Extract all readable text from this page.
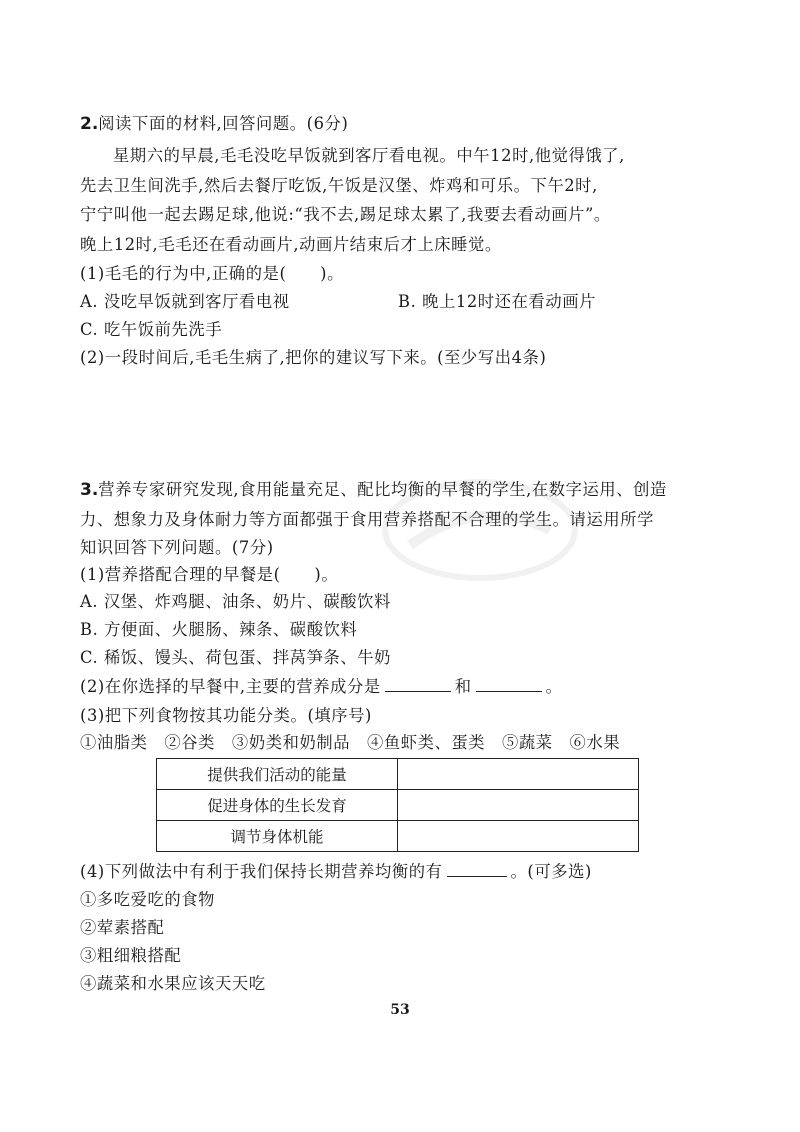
2.阅读下面的材料,回答问题。(6分)
星期六的早晨,毛毛没吃早饭就到客厅看电视。中午12时,他觉得饿了,
先去卫生间洗手,然后去餐厅吃饭,午饭是汉堡、炸鸡和可乐。下午2时,
宁宁叫他一起去踢足球,他说:“我不去,踢足球太累了,我要去看动画片”。
晚上12时,毛毛还在看动画片,动画片结束后才上床睡觉。
(1)毛毛的行为中,正确的是(　　)。
A. 没吃早饭就到客厅看电视	B. 晚上12时还在看动画片
C. 吃午饭前先洗手
(2)一段时间后,毛毛生病了,把你的建议写下来。(至少写出4条)
3.营养专家研究发现,食用能量充足、配比均衡的早餐的学生,在数字运用、创造
力、想象力及身体耐力等方面都强于食用营养搭配不合理的学生。请运用所学
知识回答下列问题。(7分)
(1)营养搭配合理的早餐是(　　)。
A. 汉堡、炸鸡腿、油条、奶片、碳酸饮料
B. 方便面、火腿肠、辣条、碳酸饮料
C. 稀饭、馒头、荷包蛋、拌莴笋条、牛奶
(2)在你选择的早餐中,主要的营养成分是	和	。
(3)把下列食物按其功能分类。(填序号)
①油脂类　②谷类　③奶类和奶制品　④鱼虾类、蛋类　⑤蔬菜　⑥水果
提供我们活动的能量	
促进身体的生长发育	
调节身体机能	
(4)下列做法中有利于我们保持长期营养均衡的有	。(可多选)
①多吃爱吃的食物
②荤素搭配
③粗细粮搭配
④蔬菜和水果应该天天吃
53
